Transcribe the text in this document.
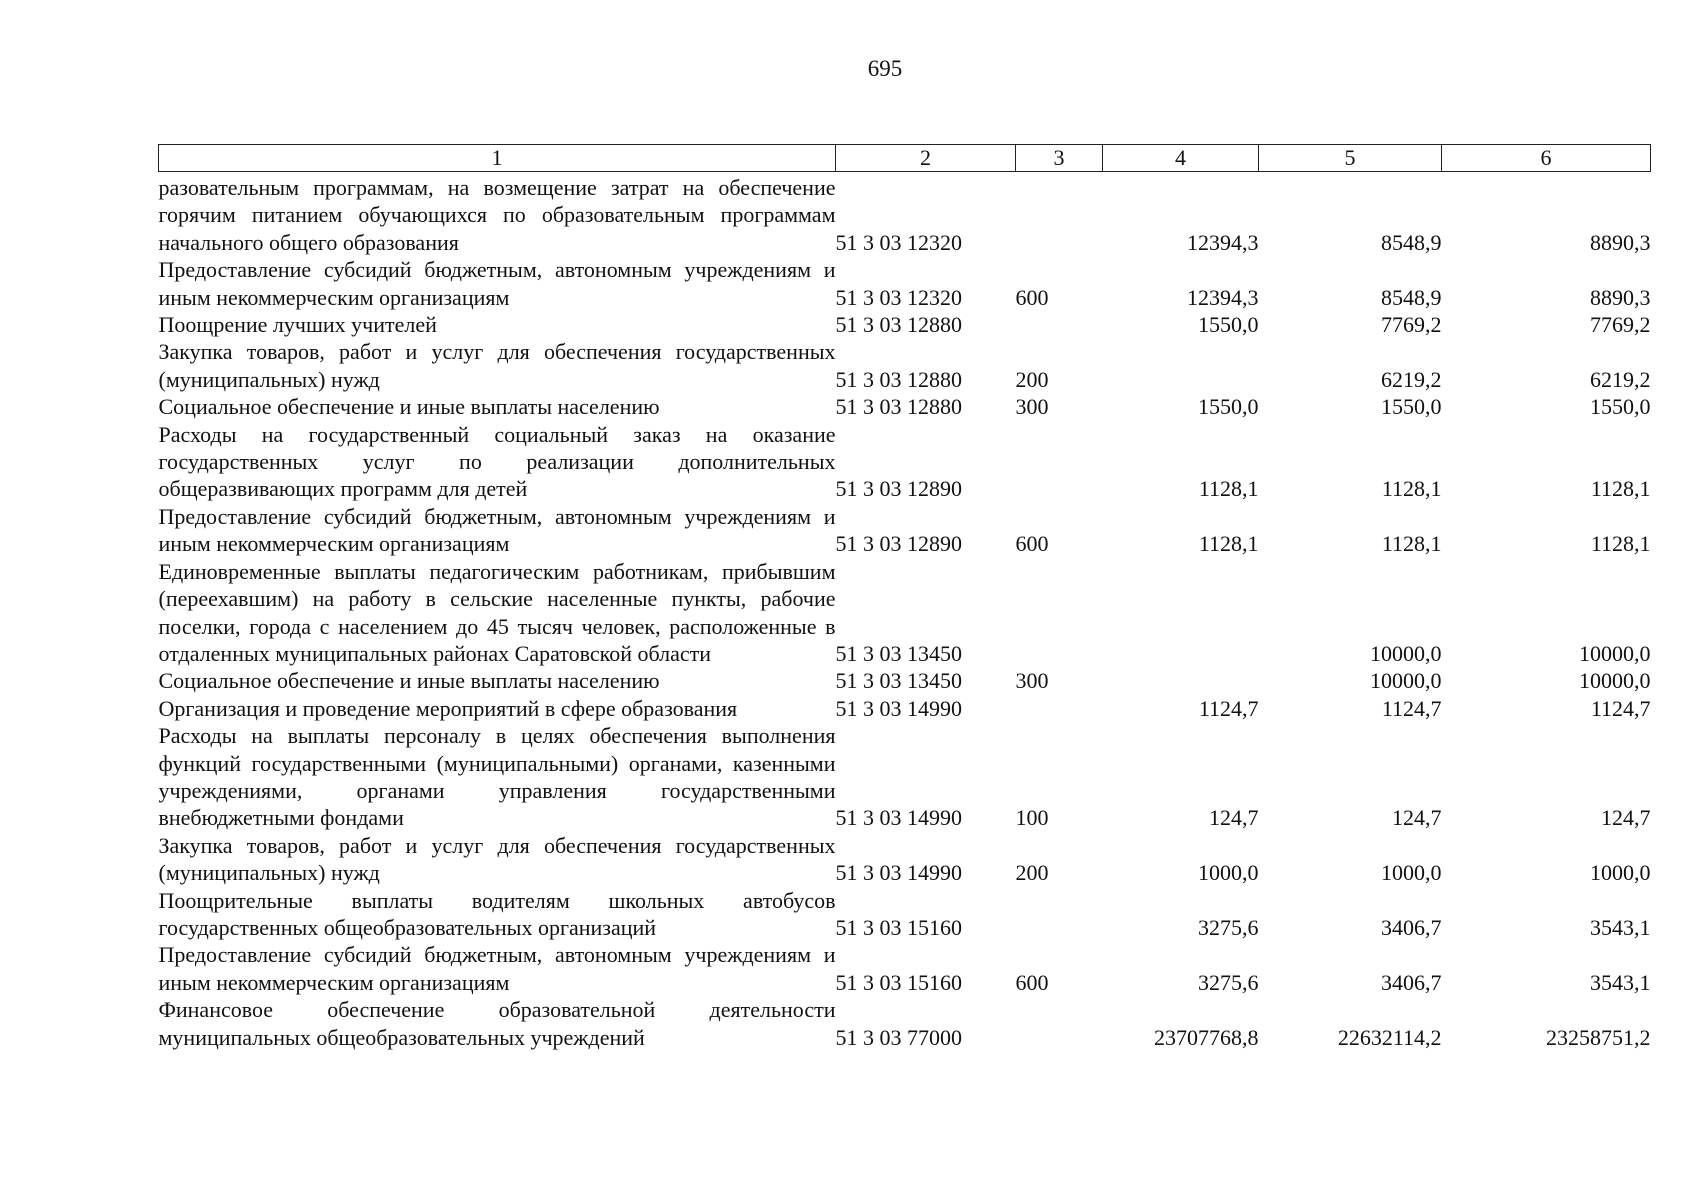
695
1	2	3	4	5	6
разовательным программам, на возмещение затрат на обеспечение горячим питанием обучающихся по образовательным программам начального общего образования	51 3 03 12320		12394,3	8548,9	8890,3
Предоставление субсидий бюджетным, автономным учреждениям и иным некоммерческим организациям	51 3 03 12320	600	12394,3	8548,9	8890,3
Поощрение лучших учителей	51 3 03 12880		1550,0	7769,2	7769,2
Закупка товаров, работ и услуг для обеспечения государственных (муниципальных) нужд	51 3 03 12880	200		6219,2	6219,2
Социальное обеспечение и иные выплаты населению	51 3 03 12880	300	1550,0	1550,0	1550,0
Расходы на государственный социальный заказ на оказание государственных услуг по реализации дополнительных общеразвивающих программ для детей	51 3 03 12890		1128,1	1128,1	1128,1
Предоставление субсидий бюджетным, автономным учреждениям и иным некоммерческим организациям	51 3 03 12890	600	1128,1	1128,1	1128,1
Единовременные выплаты педагогическим работникам, прибывшим (переехавшим) на работу в сельские населенные пункты, рабочие поселки, города с населением до 45 тысяч человек, расположенные в отдаленных муниципальных районах Саратовской области	51 3 03 13450			10000,0	10000,0
Социальное обеспечение и иные выплаты населению	51 3 03 13450	300		10000,0	10000,0
Организация и проведение мероприятий в сфере образования	51 3 03 14990		1124,7	1124,7	1124,7
Расходы на выплаты персоналу в целях обеспечения выполнения функций государственными (муниципальными) органами, казенными учреждениями, органами управления государственными внебюджетными фондами	51 3 03 14990	100	124,7	124,7	124,7
Закупка товаров, работ и услуг для обеспечения государственных (муниципальных) нужд	51 3 03 14990	200	1000,0	1000,0	1000,0
Поощрительные выплаты водителям школьных автобусов государственных общеобразовательных организаций	51 3 03 15160		3275,6	3406,7	3543,1
Предоставление субсидий бюджетным, автономным учреждениям и иным некоммерческим организациям	51 3 03 15160	600	3275,6	3406,7	3543,1
Финансовое обеспечение образовательной деятельности муниципальных общеобразовательных учреждений	51 3 03 77000		23707768,8	22632114,2	23258751,2
